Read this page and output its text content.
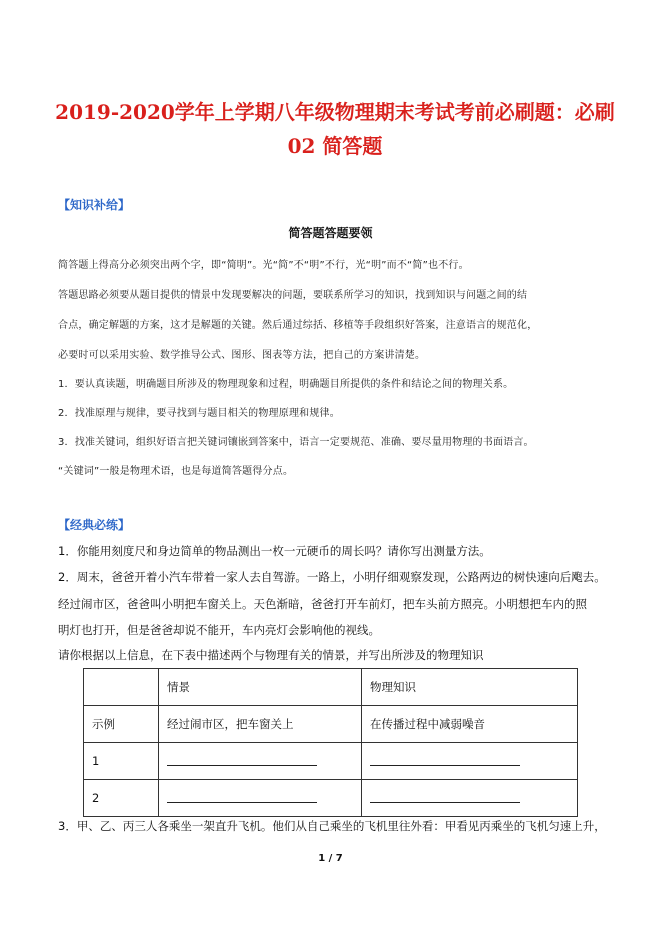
2019-2020学年上学期八年级物理期末考试考前必刷题：必刷
02 简答题
【知识补给】
简答题答题要领
简答题上得高分必须突出两个字，即“简明”。光“简”不“明”不行，光“明”而不“简”也不行。
答题思路必须要从题目提供的情景中发现要解决的问题，要联系所学习的知识，找到知识与问题之间的结
合点，确定解题的方案，这才是解题的关键。然后通过综括、移植等手段组织好答案，注意语言的规范化，
必要时可以采用实验、数学推导公式、图形、图表等方法，把自己的方案讲清楚。
1．要认真读题，明确题目所涉及的物理现象和过程，明确题目所提供的条件和结论之间的物理关系。
2．找准原理与规律，要寻找到与题目相关的物理原理和规律。
3．找准关键词，组织好语言把关键词镶嵌到答案中，语言一定要规范、准确、要尽量用物理的书面语言。
“关键词”一般是物理术语，也是每道简答题得分点。
【经典必练】
1．你能用刻度尺和身边简单的物品测出一枚一元硬币的周长吗？请你写出测量方法。
2．周末，爸爸开着小汽车带着一家人去自驾游。一路上，小明仔细观察发现，公路两边的树快速向后飑去。
经过闹市区，爸爸叫小明把车窗关上。天色渐暗，爸爸打开车前灯，把车头前方照亮。小明想把车内的照
明灯也打开，但是爸爸却说不能开，车内亮灯会影响他的视线。
请你根据以上信息，在下表中描述两个与物理有关的情景，并写出所涉及的物理知识
	情景	物理知识
示例	经过闹市区，把车窗关上	在传播过程中减弱噪音
1		
2		
3．甲、乙、丙三人各乘坐一架直升飞机。他们从自己乘坐的飞机里往外看：甲看见丙乘坐的飞机匀速上升，
1 / 7
